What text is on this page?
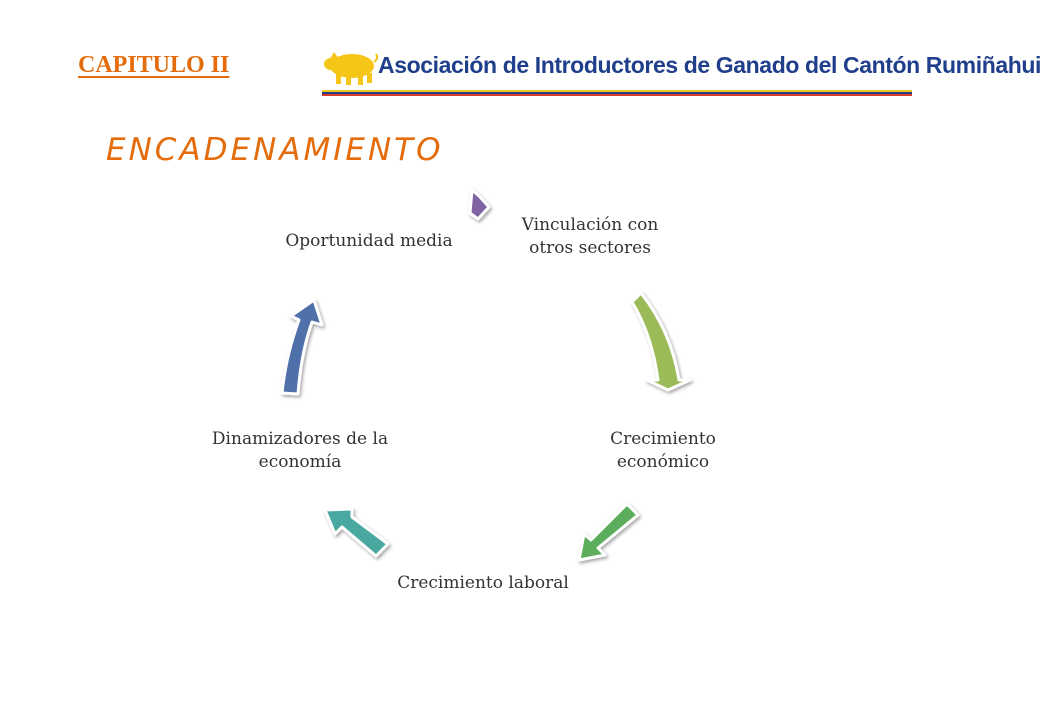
CAPITULO II	Asociación de Introductores de Ganado del Cantón Rumiñahui
ENCADENAMIENTO
Vinculación con otros sectores
Crecimiento económico
Crecimiento laboral
Dinamizadores de la economía
Oportunidad media
